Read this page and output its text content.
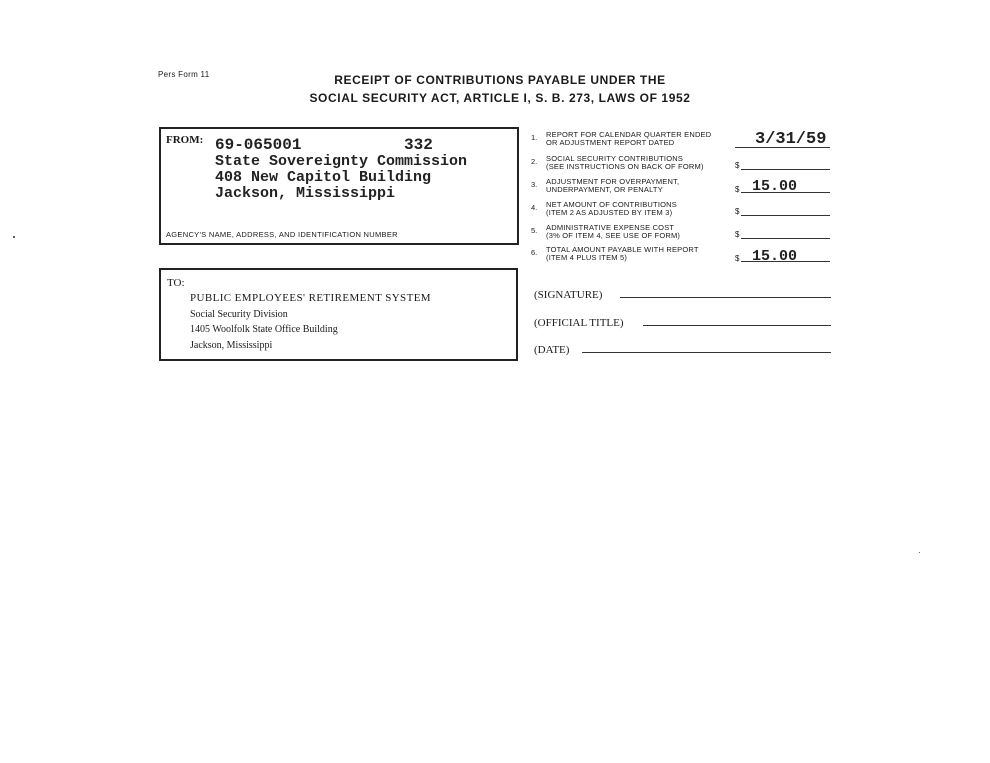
Pers Form 11	RECEIPT OF CONTRIBUTIONS PAYABLE UNDER THE
SOCIAL SECURITY ACT, ARTICLE I, S. B. 273, LAWS OF 1952
FROM: 69-065001	332
State Sovereignty Commission
408 New Capitol Building
Jackson, Mississippi
AGENCY'S NAME, ADDRESS, AND IDENTIFICATION NUMBER
TO:
PUBLIC EMPLOYEES' RETIREMENT SYSTEM
Social Security Division
1405 Woolfolk State Office Building
Jackson, Mississippi
1. REPORT FOR CALENDAR QUARTER ENDED
OR ADJUSTMENT REPORT DATED	3/31/59
2. SOCIAL SECURITY CONTRIBUTIONS
(SEE INSTRUCTIONS ON BACK OF FORM)	$
3. ADJUSTMENT FOR OVERPAYMENT,
UNDERPAYMENT, OR PENALTY	$ 15.00
4. NET AMOUNT OF CONTRIBUTIONS
(ITEM 2 AS ADJUSTED BY ITEM 3)	$
5. ADMINISTRATIVE EXPENSE COST
(3% OF ITEM 4, SEE USE OF FORM)	$
6. TOTAL AMOUNT PAYABLE WITH REPORT
(ITEM 4 PLUS ITEM 5)	$ 15.00
(SIGNATURE)
(OFFICIAL TITLE)
(DATE)
